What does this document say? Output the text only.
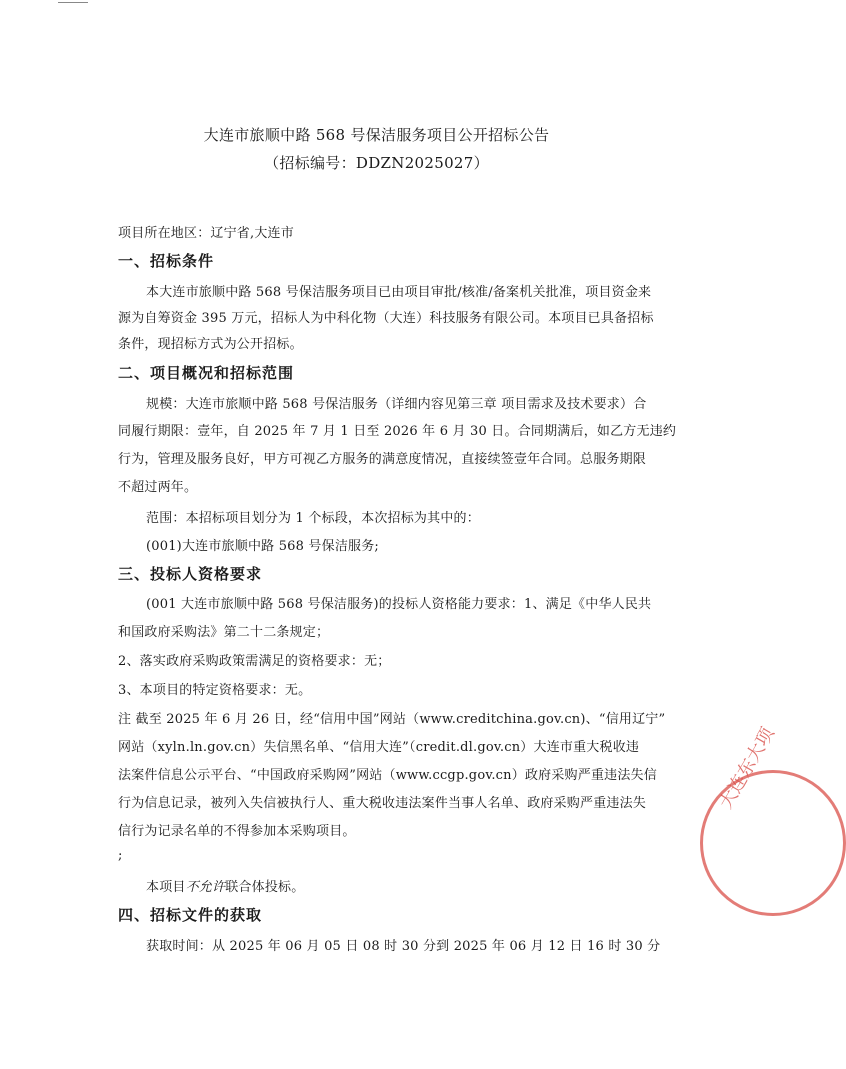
大连市旅顺中路 568 号保洁服务项目公开招标公告
（招标编号：DDZN2025027）
项目所在地区：辽宁省,大连市
一、招标条件
本大连市旅顺中路 568 号保洁服务项目已由项目审批/核准/备案机关批准，项目资金来
源为自筹资金 395 万元，招标人为中科化物（大连）科技服务有限公司。本项目已具备招标
条件，现招标方式为公开招标。
二、项目概况和招标范围
规模：大连市旅顺中路 568 号保洁服务（详细内容见第三章 项目需求及技术要求）合
同履行期限：壹年，自 2025 年 7 月 1 日至 2026 年 6 月 30 日。合同期满后，如乙方无违约
行为，管理及服务良好，甲方可视乙方服务的满意度情况，直接续签壹年合同。总服务期限
不超过两年。
范围：本招标项目划分为 1 个标段，本次招标为其中的：
(001)大连市旅顺中路 568 号保洁服务;
三、投标人资格要求
(001 大连市旅顺中路 568 号保洁服务)的投标人资格能力要求：1、满足《中华人民共
和国政府采购法》第二十二条规定；
2、落实政府采购政策需满足的资格要求：无；
3、本项目的特定资格要求：无。
注 截至 2025 年 6 月 26 日，经“信用中国”网站（www.creditchina.gov.cn)、“信用辽宁”
网站（xyln.ln.gov.cn）失信黑名单、“信用大连”（credit.dl.gov.cn）大连市重大税收违
法案件信息公示平台、“中国政府采购网”网站（www.ccgp.gov.cn）政府采购严重违法失信
行为信息记录，被列入失信被执行人、重大税收违法案件当事人名单、政府采购严重违法失
信行为记录名单的不得参加本采购项目。
;
本项目不允许联合体投标。
四、招标文件的获取
获取时间：从 2025 年 06 月 05 日 08 时 30 分到 2025 年 06 月 12 日 16 时 30 分
大连东大项
